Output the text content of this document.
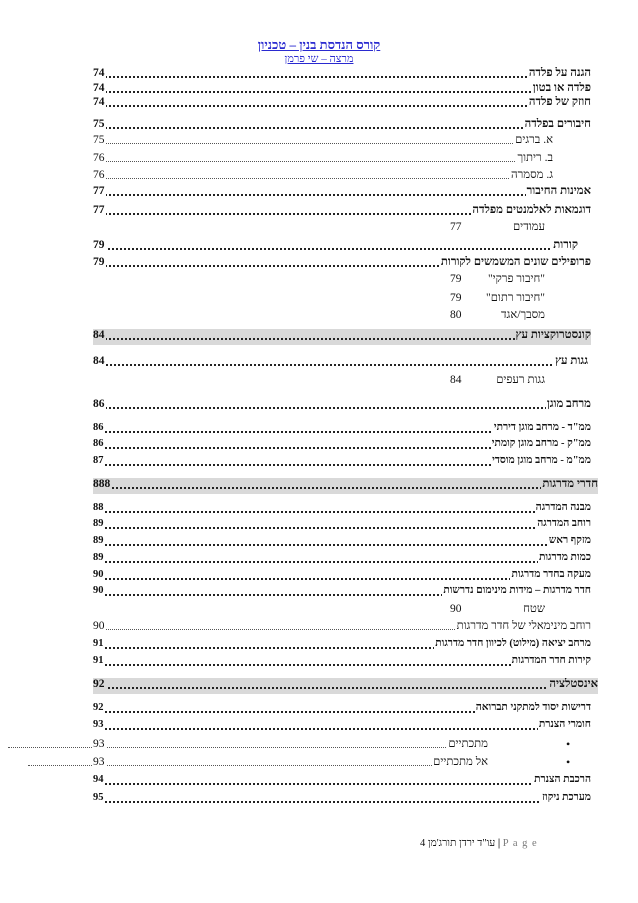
קורס הנדסת בנין – טכניון
מרצה – שי פרמן
הגנה על פלדה
74
פלדה או בטון
74
חוזק של פלדה
74
חיבורים בפלדה
75
א. ברגים
75
ב. ריתוך
76
ג. מסמרה
76
אמינות החיבור
77
דוגמאות לאלמנטים מפלדה
77
עמודים
77
קורות
79
פרופילים שונים המשמשים לקורות
79
"חיבור פרקי"
79
"חיבור רתום"
79
מסבך/אגד
80
קונסטרוקציות עץ
84
גגות עץ
84
גגות רעפים
84
מרחב מוגן
86
ממ"ד - מרחב מוגן דירתי
86
ממ"ק - מרחב מוגן קומתי
86
ממ"מ - מרחב מוגן מוסדי
87
חדרי מדרגות
888
מבנה המדרגה
88
רוחב המדרגה
89
מזקף ראש
89
כמות מדרגות
89
מעקה בחדר מדרגות
90
חדר מדרגות – מידות מינימום נדרשות
90
שטח
90
רוחב מינימאלי של חדר מדרגות
90
מרחב יציאה (מילוט) לכיוון חדר מדרגות
91
קירות חדר המדרגות
91
אינסטלציה
92
דרישות יסוד למתקני תברואה
92
חומרי הצנרת
93
•
מתכתיים
93
•
אל מתכתיים
93
הרכבת הצנרת
94
מערכת ניקוז
95
עו"ד ירדן תורג'מן 4	| P a g e
